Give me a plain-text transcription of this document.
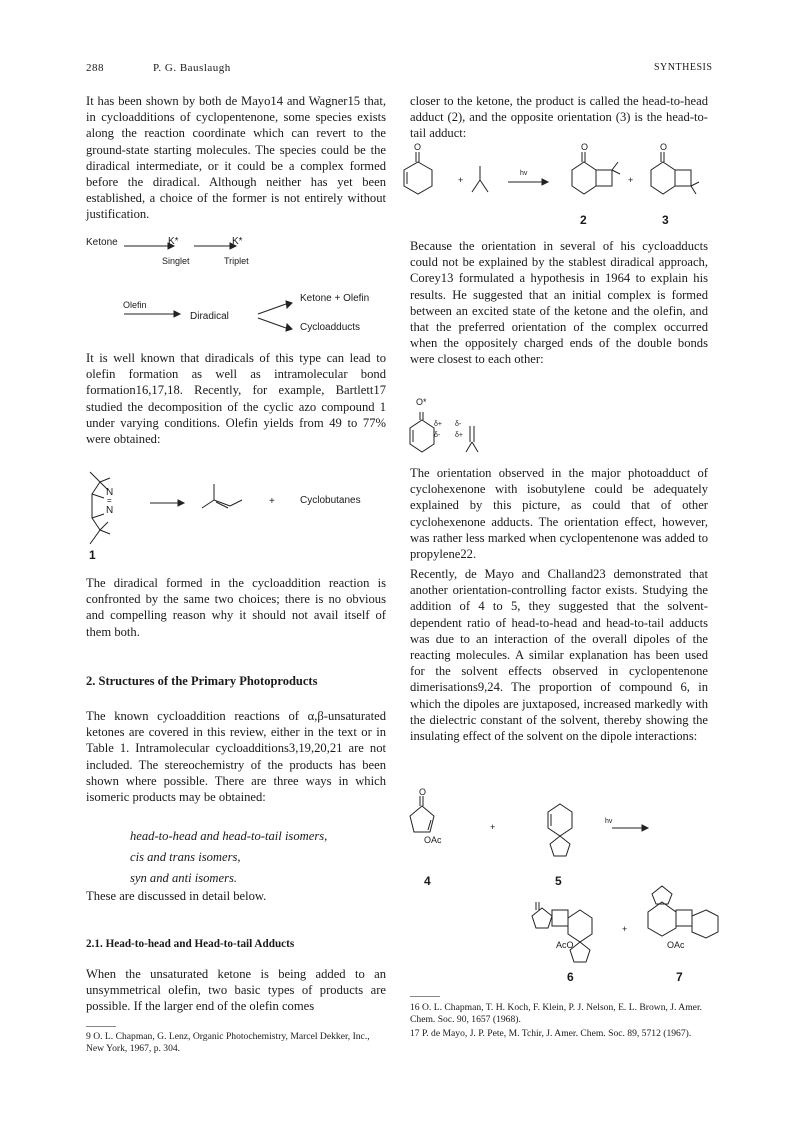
288	P. G. Bauslaugh	SYNTHESIS

It has been shown by both de Mayo14 and Wagner15 that, in cycloadditions of cyclopentenone, some species exists along the reaction coordinate which can revert to the ground-state starting molecules. The species could be the diradical intermediate, or it could be a complex formed before the diradical. Although neither has yet been established, a choice of the former is not entirely without justification.

Ketone	K*	K*
Singlet	Triplet
Olefin
Diradical
Ketone + Olefin
Cycloadducts

It is well known that diradicals of this type can lead to olefin formation as well as intramolecular bond formation16,17,18. Recently, for example, Bartlett17 studied the decomposition of the cyclic azo compound 1 under varying conditions. Olefin yields from 49 to 77% were obtained:

N
=
N
+	Cyclobutanes
1

The diradical formed in the cycloaddition reaction is confronted by the same two choices; there is no obvious and compelling reason why it should not avail itself of them both.

2. Structures of the Primary Photoproducts

The known cycloaddition reactions of α,β-unsaturated ketones are covered in this review, either in the text or in Table 1. Intramolecular cycloadditions3,19,20,21 are not included. The stereochemistry of the products has been shown where possible. There are three ways in which isomeric products may be obtained:

head-to-head and head-to-tail isomers,
cis and trans isomers,
syn and anti isomers.

These are discussed in detail below.

2.1. Head-to-head and Head-to-tail Adducts

When the unsaturated ketone is being added to an unsymmetrical olefin, two basic types of products are possible. If the larger end of the olefin comes

9 O. L. Chapman, G. Lenz, Organic Photochemistry, Marcel Dekker, Inc., New York, 1967, p. 304.

closer to the ketone, the product is called the head-to-head adduct (2), and the opposite orientation (3) is the head-to-tail adduct:

O	O	O
+
hv
+
2	3

Because the orientation in several of his cycloadducts could not be explained by the stablest diradical approach, Corey13 formulated a hypothesis in 1964 to explain his results. He suggested that an initial complex is formed between an excited state of the ketone and the olefin, and that the preferred orientation of the complex occurred when the oppositely charged ends of the double bonds were closest to each other:

O*
δ+
δ-
δ-
δ+

The orientation observed in the major photoadduct of cyclohexenone with isobutylene could be adequately explained by this picture, as could that of other cyclohexenone adducts. The orientation effect, however, was rather less marked when cyclopentenone was added to propylene22.

Recently, de Mayo and Challand23 demonstrated that another orientation-controlling factor exists. Studying the addition of 4 to 5, they suggested that the solvent-dependent ratio of head-to-head and head-to-tail adducts was due to an interaction of the overall dipoles of the reacting molecules. A similar explanation has been used for the solvent effects observed in cyclopentenone dimerisations9,24. The proportion of compound 6, in which the dipoles are juxtaposed, increased markedly with the dielectric constant of the solvent, thereby showing the insulating effect of the solvent on the dipole interactions:

O
OAc
+
hv
4	5
AcO
+
OAc
6	7
16 O. L. Chapman, T. H. Koch, F. Klein, P. J. Nelson, E. L. Brown, J. Amer. Chem. Soc. 90, 1657 (1968).
17 P. de Mayo, J. P. Pete, M. Tchir, J. Amer. Chem. Soc. 89, 5712 (1967).
